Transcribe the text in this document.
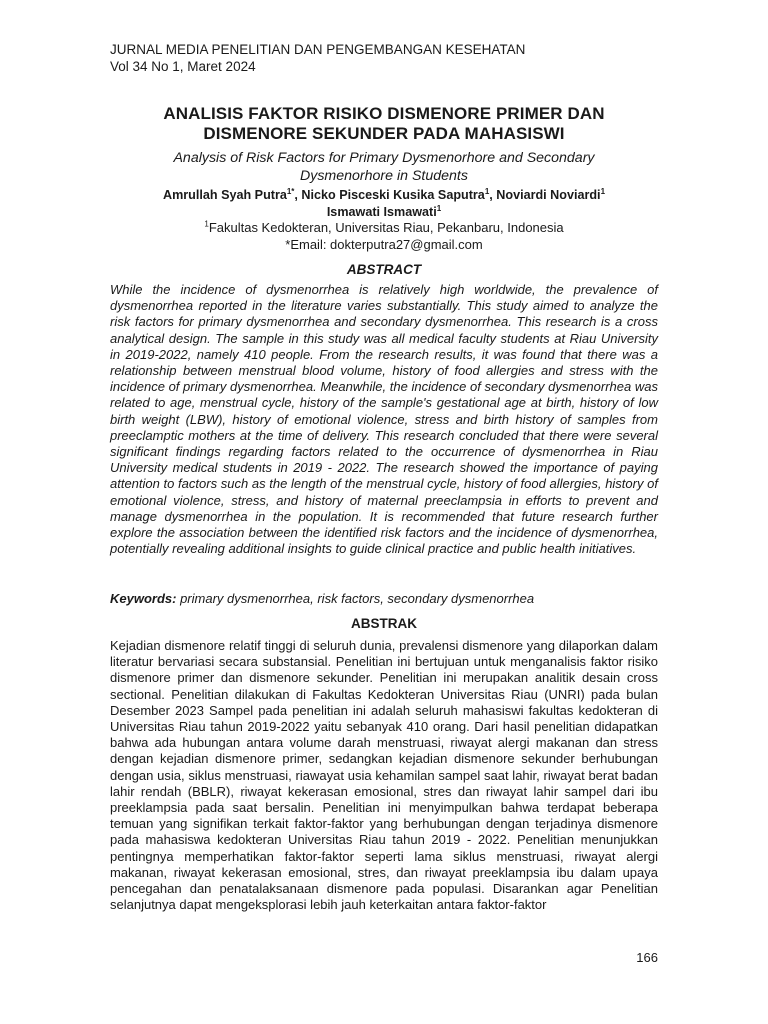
JURNAL MEDIA PENELITIAN DAN PENGEMBANGAN KESEHATAN
Vol 34 No 1, Maret 2024
ANALISIS FAKTOR RISIKO DISMENORE PRIMER DAN
DISMENORE SEKUNDER PADA MAHASISWI
Analysis of Risk Factors for Primary Dysmenorhore and Secondary
Dysmenorhore in Students
Amrullah Syah Putra$^{1*}$, Nicko Pisceski Kusika Saputra$^1$, Noviardi Noviardi$^1$
Ismawati Ismawati$^1$
$^1$Fakultas Kedokteran, Universitas Riau, Pekanbaru, Indonesia
*Email: dokterputra27@gmail.com
ABSTRACT

While the incidence of dysmenorrhea is relatively high worldwide, the prevalence of dysmenorrhea reported in the literature varies substantially. This study aimed to analyze the risk factors for primary dysmenorrhea and secondary dysmenorrhea. This research is a cross analytical design. The sample in this study was all medical faculty students at Riau University in 2019-2022, namely 410 people. From the research results, it was found that there was a relationship between menstrual blood volume, history of food allergies and stress with the incidence of primary dysmenorrhea. Meanwhile, the incidence of secondary dysmenorrhea was related to age, menstrual cycle, history of the sample's gestational age at birth, history of low birth weight (LBW), history of emotional violence, stress and birth history of samples from preeclamptic mothers at the time of delivery. This research concluded that there were several significant findings regarding factors related to the occurrence of dysmenorrhea in Riau University medical students in 2019 - 2022. The research showed the importance of paying attention to factors such as the length of the menstrual cycle, history of food allergies, history of emotional violence, stress, and history of maternal preeclampsia in efforts to prevent and manage dysmenorrhea in the population. It is recommended that future research further explore the association between the identified risk factors and the incidence of dysmenorrhea, potentially revealing additional insights to guide clinical practice and public health initiatives.

Keywords: primary dysmenorrhea, risk factors, secondary dysmenorrhea
ABSTRAK

Kejadian dismenore relatif tinggi di seluruh dunia, prevalensi dismenore yang dilaporkan dalam literatur bervariasi secara substansial. Penelitian ini bertujuan untuk menganalisis faktor risiko dismenore primer dan dismenore sekunder. Penelitian ini merupakan analitik desain cross sectional. Penelitian dilakukan di Fakultas Kedokteran Universitas Riau (UNRI) pada bulan Desember 2023 Sampel pada penelitian ini adalah seluruh mahasiswi fakultas kedokteran di Universitas Riau tahun 2019-2022 yaitu sebanyak 410 orang. Dari hasil penelitian didapatkan bahwa ada hubungan antara volume darah menstruasi, riwayat alergi makanan dan stress dengan kejadian dismenore primer, sedangkan kejadian dismenore sekunder berhubungan dengan usia, siklus menstruasi, riawayat usia kehamilan sampel saat lahir, riwayat berat badan lahir rendah (BBLR), riwayat kekerasan emosional, stres dan riwayat lahir sampel dari ibu preeklampsia pada saat bersalin. Penelitian ini menyimpulkan bahwa terdapat beberapa temuan yang signifikan terkait faktor-faktor yang berhubungan dengan terjadinya dismenore pada mahasiswa kedokteran Universitas Riau tahun 2019 - 2022. Penelitian menunjukkan pentingnya memperhatikan faktor-faktor seperti lama siklus menstruasi, riwayat alergi makanan, riwayat kekerasan emosional, stres, dan riwayat preeklampsia ibu dalam upaya pencegahan dan penatalaksanaan dismenore pada populasi. Disarankan agar Penelitian selanjutnya dapat mengeksplorasi lebih jauh keterkaitan antara faktor-faktor

166
